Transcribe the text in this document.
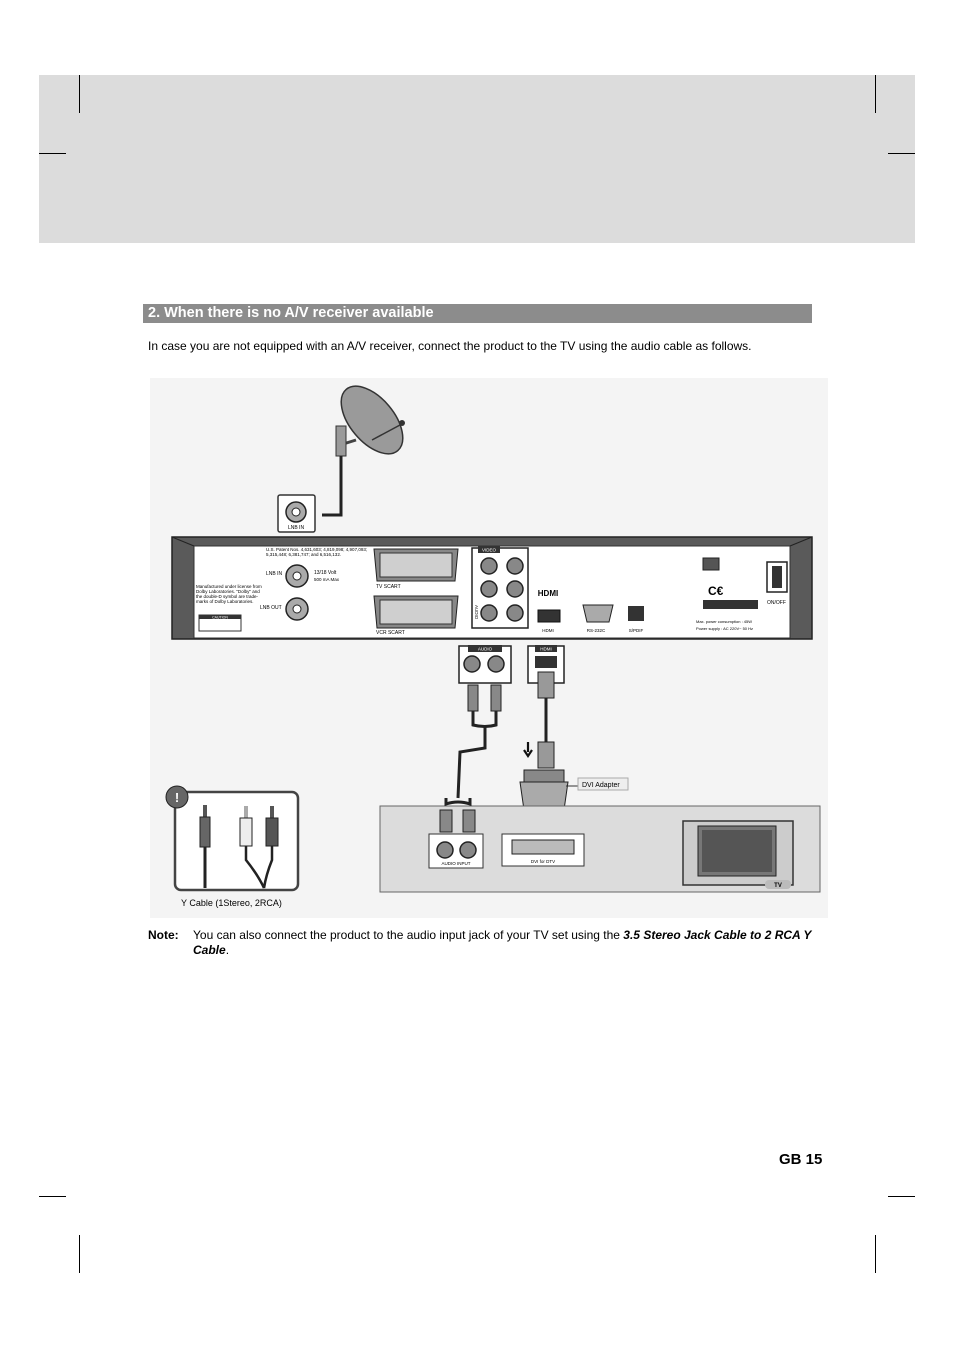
2. When there is no A/V receiver available
In case you are not equipped with an A/V receiver, connect the product to the TV using the audio cable as follows.
LNB IN
U.S. Patent Nos. 4,631,603; 4,819,098; 4,907,093;
5,315,448; 6,381,747; and 6,516,132.
Manufactured under license from
Dolby Laboratories. "Dolby" and
the double-D symbol are trade-
marks of Dolby Laboratories.
CAUTION
LNB IN
LNB OUT
13/18 Volt
500 mA Max
TV SCART
VCR SCART
VIDEO
AUDIO
HDMI
HDMI	RS-232C	S/PDIF
C€
Max. power consumption : 45W
Power supply : AC 220V~ 50 Hz
ON/OFF
AUDIO	HDMI
DVI Adapter
AUDIO INPUT	DVI for DTV
TV
!
Y Cable (1Stereo, 2RCA)
Note: You can also connect the product to the audio input jack of your TV set using the 3.5 Stereo Jack Cable to 2 RCA Y Cable.
GB 15
